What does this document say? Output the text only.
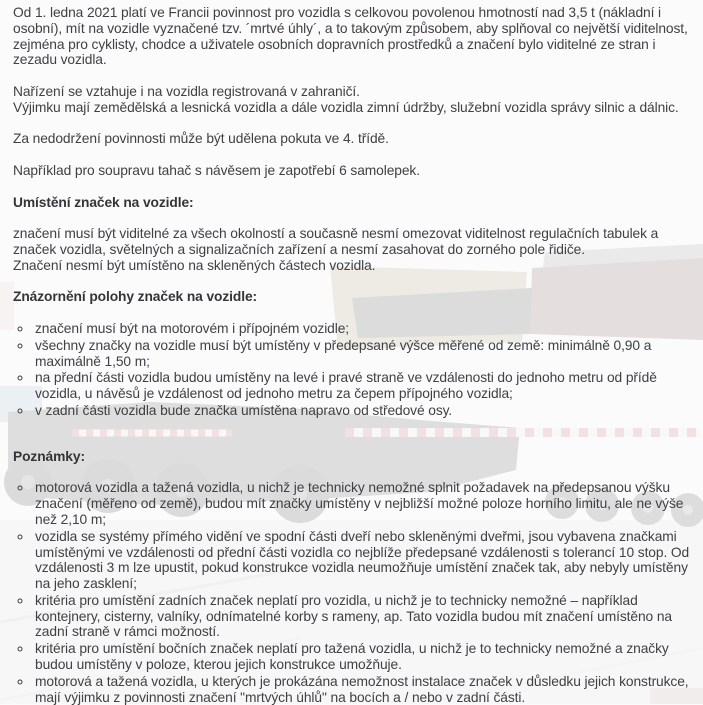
Od 1. ledna 2021 platí ve Francii povinnost pro vozidla s celkovou povolenou hmotností nad 3,5 t (nákladní i osobní), mít na vozidle vyznačené tzv. ´mrtvé úhly´, a to takovým způsobem, aby splňoval co největší viditelnost, zejména pro cyklisty, chodce a uživatele osobních dopravních prostředků a značení bylo viditelné ze stran i zezadu vozidla.

Nařízení se vztahuje i na vozidla registrovaná v zahraničí.
Výjimku mají zemědělská a lesnická vozidla a dále vozidla zimní údržby, služební vozidla správy silnic a dálnic.

Za nedodržení povinnosti může být udělena pokuta ve 4. třídě.

Například pro soupravu tahač s návěsem je zapotřebí 6 samolepek.

Umístění značek na vozidle:

značení musí být viditelné za všech okolností a současně nesmí omezovat viditelnost regulačních tabulek a značek vozidla, světelných a signalizačních zařízení a nesmí zasahovat do zorného pole řidiče.
Značení nesmí být umístěno na skleněných částech vozidla.

Znázornění polohy značek na vozidle:
◦ značení musí být na motorovém i přípojném vozidle;
◦ všechny značky na vozidle musí být umístěny v předepsané výšce měřené od země: minimálně 0,90 a maximálně 1,50 m;
◦ na přední části vozidla budou umístěny na levé i pravé straně ve vzdálenosti do jednoho metru od přídě vozidla, u návěsů je vzdálenost od jednoho metru za čepem přípojného vozidla;
◦ v zadní části vozidla bude značka umístěna napravo od středové osy.
Poznámky:
◦ motorová vozidla a tažená vozidla, u nichž je technicky nemožné splnit požadavek na předepsanou výšku značení (měřeno od země), budou mít značky umístěny v nejbližší možné poloze horního limitu, ale ne výše než 2,10 m;
◦ vozidla se systémy přímého vidění ve spodní části dveří nebo skleněnými dveřmi, jsou vybavena značkami umístěnými ve vzdálenosti od přední části vozidla co nejblíže předepsané vzdálenosti s tolerancí 10 stop. Od vzdálenosti 3 m lze upustit, pokud konstrukce vozidla neumožňuje umístění značek tak, aby nebyly umístěny na jeho zasklení;
◦ kritéria pro umístění zadních značek neplatí pro vozidla, u nichž je to technicky nemožné – například kontejnery, cisterny, valníky, odnímatelné korby s rameny, ap. Tato vozidla budou mít značení umístěno na zadní straně v rámci možností.
◦ kritéria pro umístění bočních značek neplatí pro tažená vozidla, u nichž je to technicky nemožné a značky budou umístěny v poloze, kterou jejich konstrukce umožňuje.
◦ motorová a tažená vozidla, u kterých je prokázána nemožnost instalace značek v důsledku jejich konstrukce, mají výjimku z povinnosti značení "mrtvých úhlů" na bocích a / nebo v zadní části.
